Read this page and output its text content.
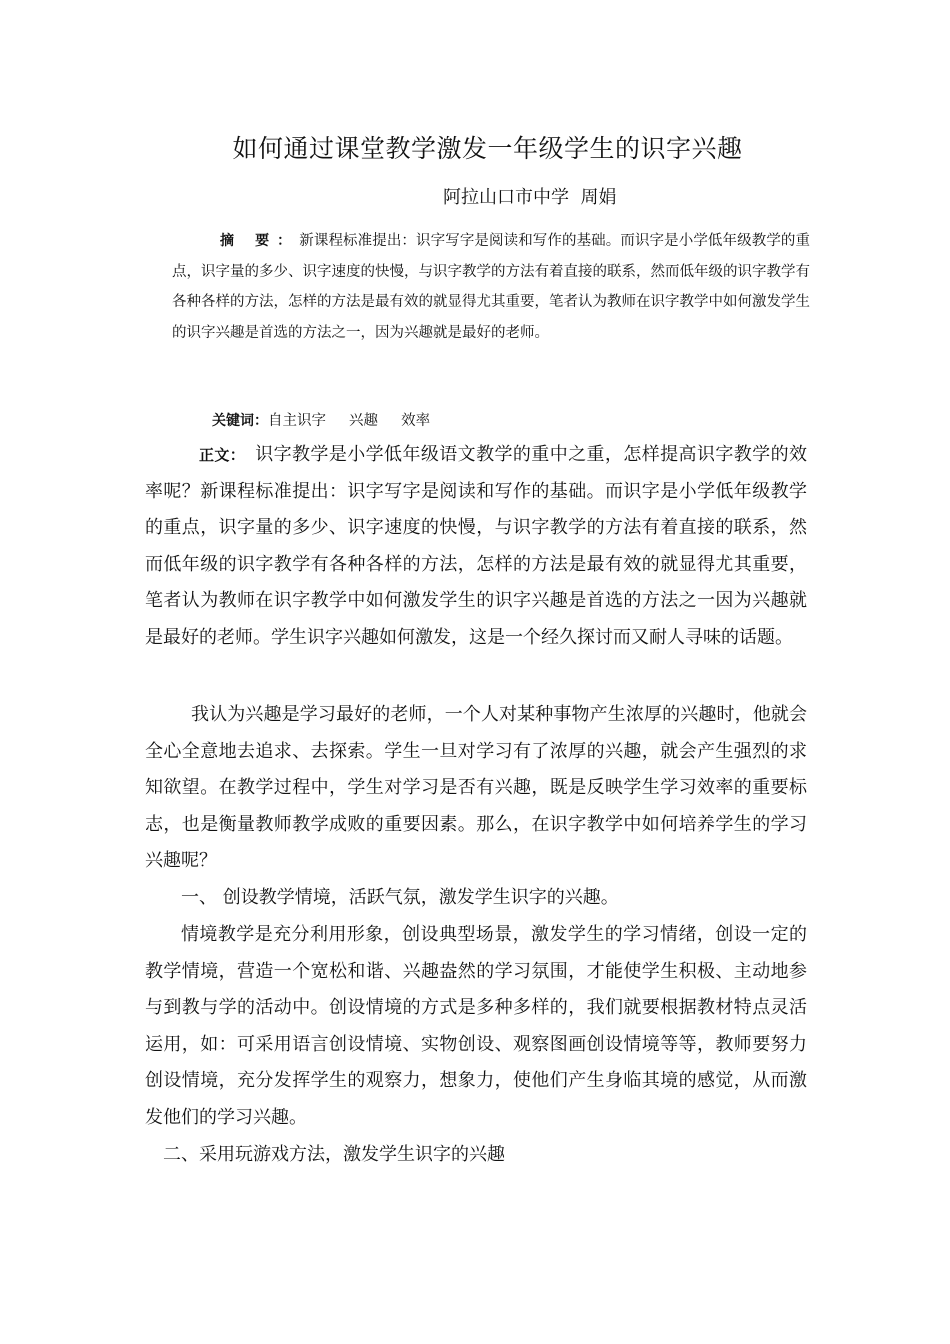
如何通过课堂教学激发一年级学生的识字兴趣
阿拉山口市中学  周娟
摘 要：新课程标准提出：识字写字是阅读和写作的基础。而识字是小学低年级教学的重点，识字量的多少、识字速度的快慢，与识字教学的方法有着直接的联系，然而低年级的识字教学有各种各样的方法，怎样的方法是最有效的就显得尤其重要，笔者认为教师在识字教学中如何激发学生的识字兴趣是首选的方法之一，因为兴趣就是最好的老师。
关键词：自主识字     兴趣     效率
正文： 识字教学是小学低年级语文教学的重中之重，怎样提高识字教学的效率呢？新课程标准提出：识字写字是阅读和写作的基础。而识字是小学低年级教学的重点，识字量的多少、识字速度的快慢，与识字教学的方法有着直接的联系，然而低年级的识字教学有各种各样的方法，怎样的方法是最有效的就显得尤其重要，笔者认为教师在识字教学中如何激发学生的识字兴趣是首选的方法之一因为兴趣就是最好的老师。学生识字兴趣如何激发，这是一个经久探讨而又耐人寻味的话题。
我认为兴趣是学习最好的老师，一个人对某种事物产生浓厚的兴趣时，他就会全心全意地去追求、去探索。学生一旦对学习有了浓厚的兴趣，就会产生强烈的求知欲望。在教学过程中，学生对学习是否有兴趣，既是反映学生学习效率的重要标志，也是衡量教师教学成败的重要因素。那么，在识字教学中如何培养学生的学习兴趣呢？
一、 创设教学情境，活跃气氛，激发学生识字的兴趣。
情境教学是充分利用形象，创设典型场景，激发学生的学习情绪，创设一定的教学情境，营造一个宽松和谐、兴趣盎然的学习氛围，才能使学生积极、主动地参与到教与学的活动中。创设情境的方式是多种多样的，我们就要根据教材特点灵活运用，如：可采用语言创设情境、实物创设、观察图画创设情境等等，教师要努力创设情境，充分发挥学生的观察力，想象力，使他们产生身临其境的感觉，从而激发他们的学习兴趣。
二、采用玩游戏方法，激发学生识字的兴趣
